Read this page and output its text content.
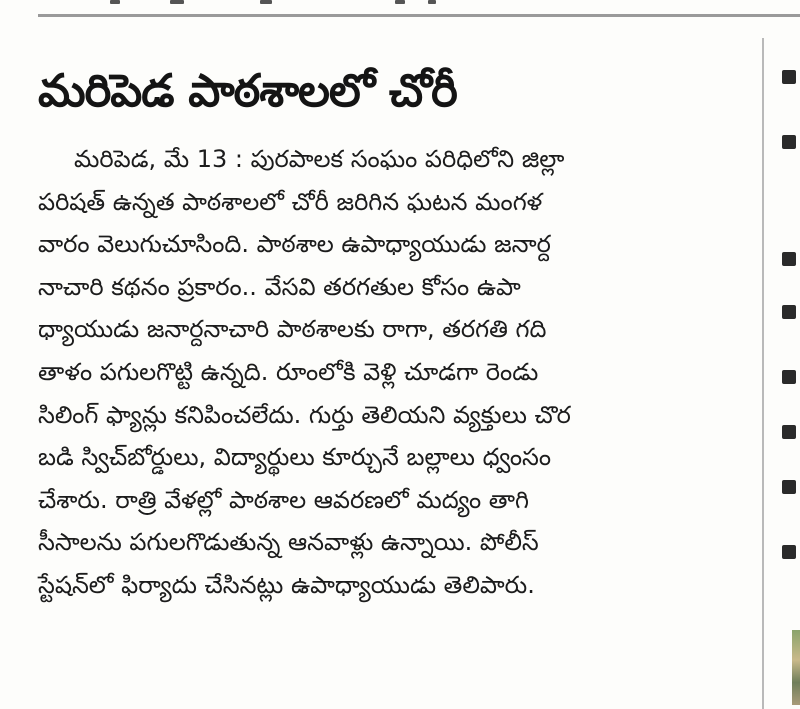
మరిపెడ పాఠశాలలో చోరీ
మరిపెడ, మే 13 : పురపాలక సంఘం పరిధిలోని జిల్లా
పరిషత్ ఉన్నత పాఠశాలలో చోరీ జరిగిన ఘటన మంగళ
వారం వెలుగుచూసింది. పాఠశాల ఉపాధ్యాయుడు జనార్ద
నాచారి కథనం ప్రకారం.. వేసవి తరగతుల కోసం ఉపా
ధ్యాయుడు జనార్దనాచారి పాఠశాలకు రాగా, తరగతి గది
తాళం పగులగొట్టి ఉన్నది. రూంలోకి వెళ్లి చూడగా రెండు
సిలింగ్ ఫ్యాన్లు కనిపించలేదు. గుర్తు తెలియని వ్యక్తులు చొర
బడి స్విచ్‌బోర్డులు, విద్యార్థులు కూర్చునే బల్లాలు ధ్వంసం
చేశారు. రాత్రి వేళల్లో పాఠశాల ఆవరణలో మద్యం తాగి
సీసాలను పగులగొడుతున్న ఆనవాళ్లు ఉన్నాయి. పోలీస్
స్టేషన్‌లో ఫిర్యాదు చేసినట్లు ఉపాధ్యాయుడు తెలిపారు.
